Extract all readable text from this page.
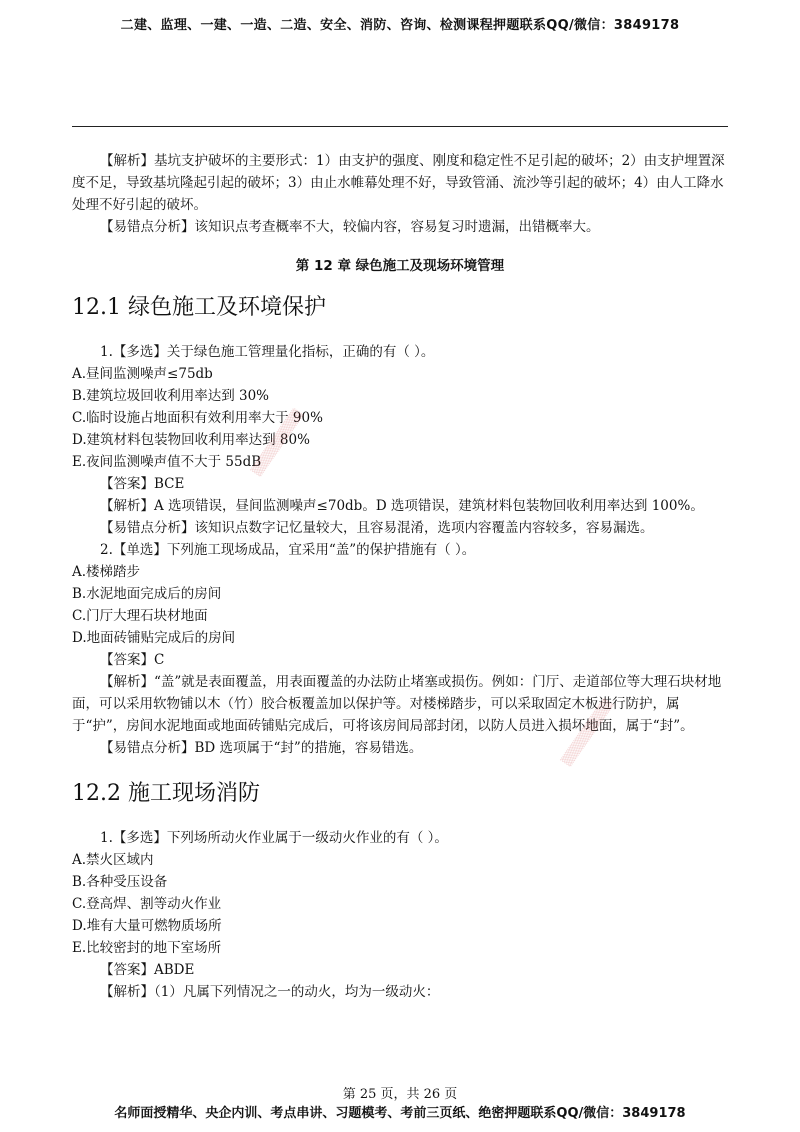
二建、监理、一建、一造、二造、安全、消防、咨询、检测课程押题联系QQ/微信：3849178

【解析】基坑支护破坏的主要形式：1）由支护的强度、刚度和稳定性不足引起的破坏；2）由支护埋置深度不足，导致基坑隆起引起的破坏；3）由止水帷幕处理不好，导致管涌、流沙等引起的破坏；4）由人工降水处理不好引起的破坏。

【易错点分析】该知识点考查概率不大，较偏内容，容易复习时遗漏，出错概率大。

第 12 章 绿色施工及现场环境管理
12.1 绿色施工及环境保护

1.【多选】关于绿色施工管理量化指标，正确的有（ ）。

A.昼间监测噪声≤75db

B.建筑垃圾回收利用率达到 30%

C.临时设施占地面积有效利用率大于 90%

D.建筑材料包装物回收利用率达到 80%

E.夜间监测噪声值不大于 55dB

【答案】BCE

【解析】A 选项错误，昼间监测噪声≤70db。D 选项错误，建筑材料包装物回收利用率达到 100%。

【易错点分析】该知识点数字记忆量较大，且容易混淆，选项内容覆盖内容较多，容易漏选。

2.【单选】下列施工现场成品，宜采用“盖”的保护措施有（ ）。

A.楼梯踏步

B.水泥地面完成后的房间

C.门厅大理石块材地面

D.地面砖铺贴完成后的房间

【答案】C

【解析】“盖”就是表面覆盖，用表面覆盖的办法防止堵塞或损伤。例如：门厅、走道部位等大理石块材地面，可以采用软物铺以木（竹）胶合板覆盖加以保护等。对楼梯踏步，可以采取固定木板进行防护，属于“护”，房间水泥地面或地面砖铺贴完成后，可将该房间局部封闭，以防人员进入损坏地面，属于“封”。

【易错点分析】BD 选项属于“封”的措施，容易错选。

12.2 施工现场消防

1.【多选】下列场所动火作业属于一级动火作业的有（ ）。

A.禁火区域内

B.各种受压设备

C.登高焊、割等动火作业

D.堆有大量可燃物质场所

E.比较密封的地下室场所

【答案】ABDE

【解析】（1）凡属下列情况之一的动火，均为一级动火：

▒▒▒▒▒▒▒▒▒
▒▒▒▒▒▒▒▒▒
第 25 页，共 26 页
名师面授精华、央企内训、考点串讲、习题模考、考前三页纸、绝密押题联系QQ/微信：3849178
